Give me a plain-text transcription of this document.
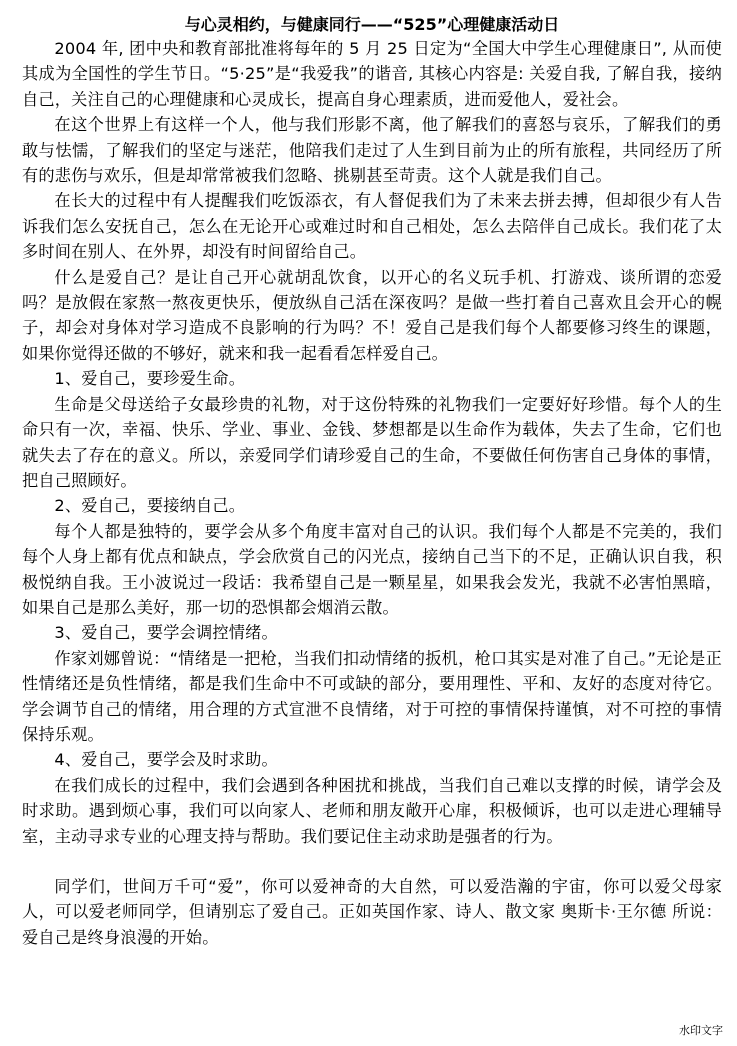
与心灵相约，与健康同行——“525”心理健康活动日

2004 年, 团中央和教育部批准将每年的 5 月 25 日定为“全国大中学生心理健康日”, 从而使其成为全国性的学生节日。“5·25”是“我爱我”的谐音, 其核心内容是: 关爱自我, 了解自我，接纳自己，关注自己的心理健康和心灵成长，提高自身心理素质，进而爱他人，爱社会。

在这个世界上有这样一个人，他与我们形影不离，他了解我们的喜怒与哀乐，了解我们的勇敢与怯懦，了解我们的坚定与迷茫，他陪我们走过了人生到目前为止的所有旅程，共同经历了所有的悲伤与欢乐，但是却常常被我们忽略、挑剔甚至苛责。这个人就是我们自己。

在长大的过程中有人提醒我们吃饭添衣，有人督促我们为了未来去拼去搏，但却很少有人告诉我们怎么安抚自己，怎么在无论开心或难过时和自己相处，怎么去陪伴自己成长。我们花了太多时间在别人、在外界，却没有时间留给自己。

什么是爱自己？是让自己开心就胡乱饮食，以开心的名义玩手机、打游戏、谈所谓的恋爱吗？是放假在家熬一熬夜更快乐，便放纵自己活在深夜吗？是做一些打着自己喜欢且会开心的幌子，却会对身体对学习造成不良影响的行为吗？不！爱自己是我们每个人都要修习终生的课题，如果你觉得还做的不够好，就来和我一起看看怎样爱自己。

1、爱自己，要珍爱生命。

生命是父母送给子女最珍贵的礼物，对于这份特殊的礼物我们一定要好好珍惜。每个人的生命只有一次，幸福、快乐、学业、事业、金钱、梦想都是以生命作为载体，失去了生命，它们也就失去了存在的意义。所以，亲爱同学们请珍爱自己的生命，不要做任何伤害自己身体的事情，把自己照顾好。

2、爱自己，要接纳自己。

每个人都是独特的，要学会从多个角度丰富对自己的认识。我们每个人都是不完美的，我们每个人身上都有优点和缺点，学会欣赏自己的闪光点，接纳自己当下的不足，正确认识自我，积极悦纳自我。王小波说过一段话：我希望自己是一颗星星，如果我会发光，我就不必害怕黑暗，如果自己是那么美好，那一切的恐惧都会烟消云散。

3、爱自己，要学会调控情绪。

作家刘娜曾说：“情绪是一把枪，当我们扣动情绪的扳机，枪口其实是对准了自己。”无论是正性情绪还是负性情绪，都是我们生命中不可或缺的部分，要用理性、平和、友好的态度对待它。学会调节自己的情绪，用合理的方式宣泄不良情绪，对于可控的事情保持谨慎，对不可控的事情保持乐观。

4、爱自己，要学会及时求助。

在我们成长的过程中，我们会遇到各种困扰和挑战，当我们自己难以支撑的时候，请学会及时求助。遇到烦心事，我们可以向家人、老师和朋友敞开心扉，积极倾诉，也可以走进心理辅导室，主动寻求专业的心理支持与帮助。我们要记住主动求助是强者的行为。

同学们，世间万千可“爱”，你可以爱神奇的大自然，可以爱浩瀚的宇宙，你可以爱父母家人，可以爱老师同学，但请别忘了爱自己。正如英国作家、诗人、散文家 奥斯卡·王尔德 所说：爱自己是终身浪漫的开始。

水印文字
